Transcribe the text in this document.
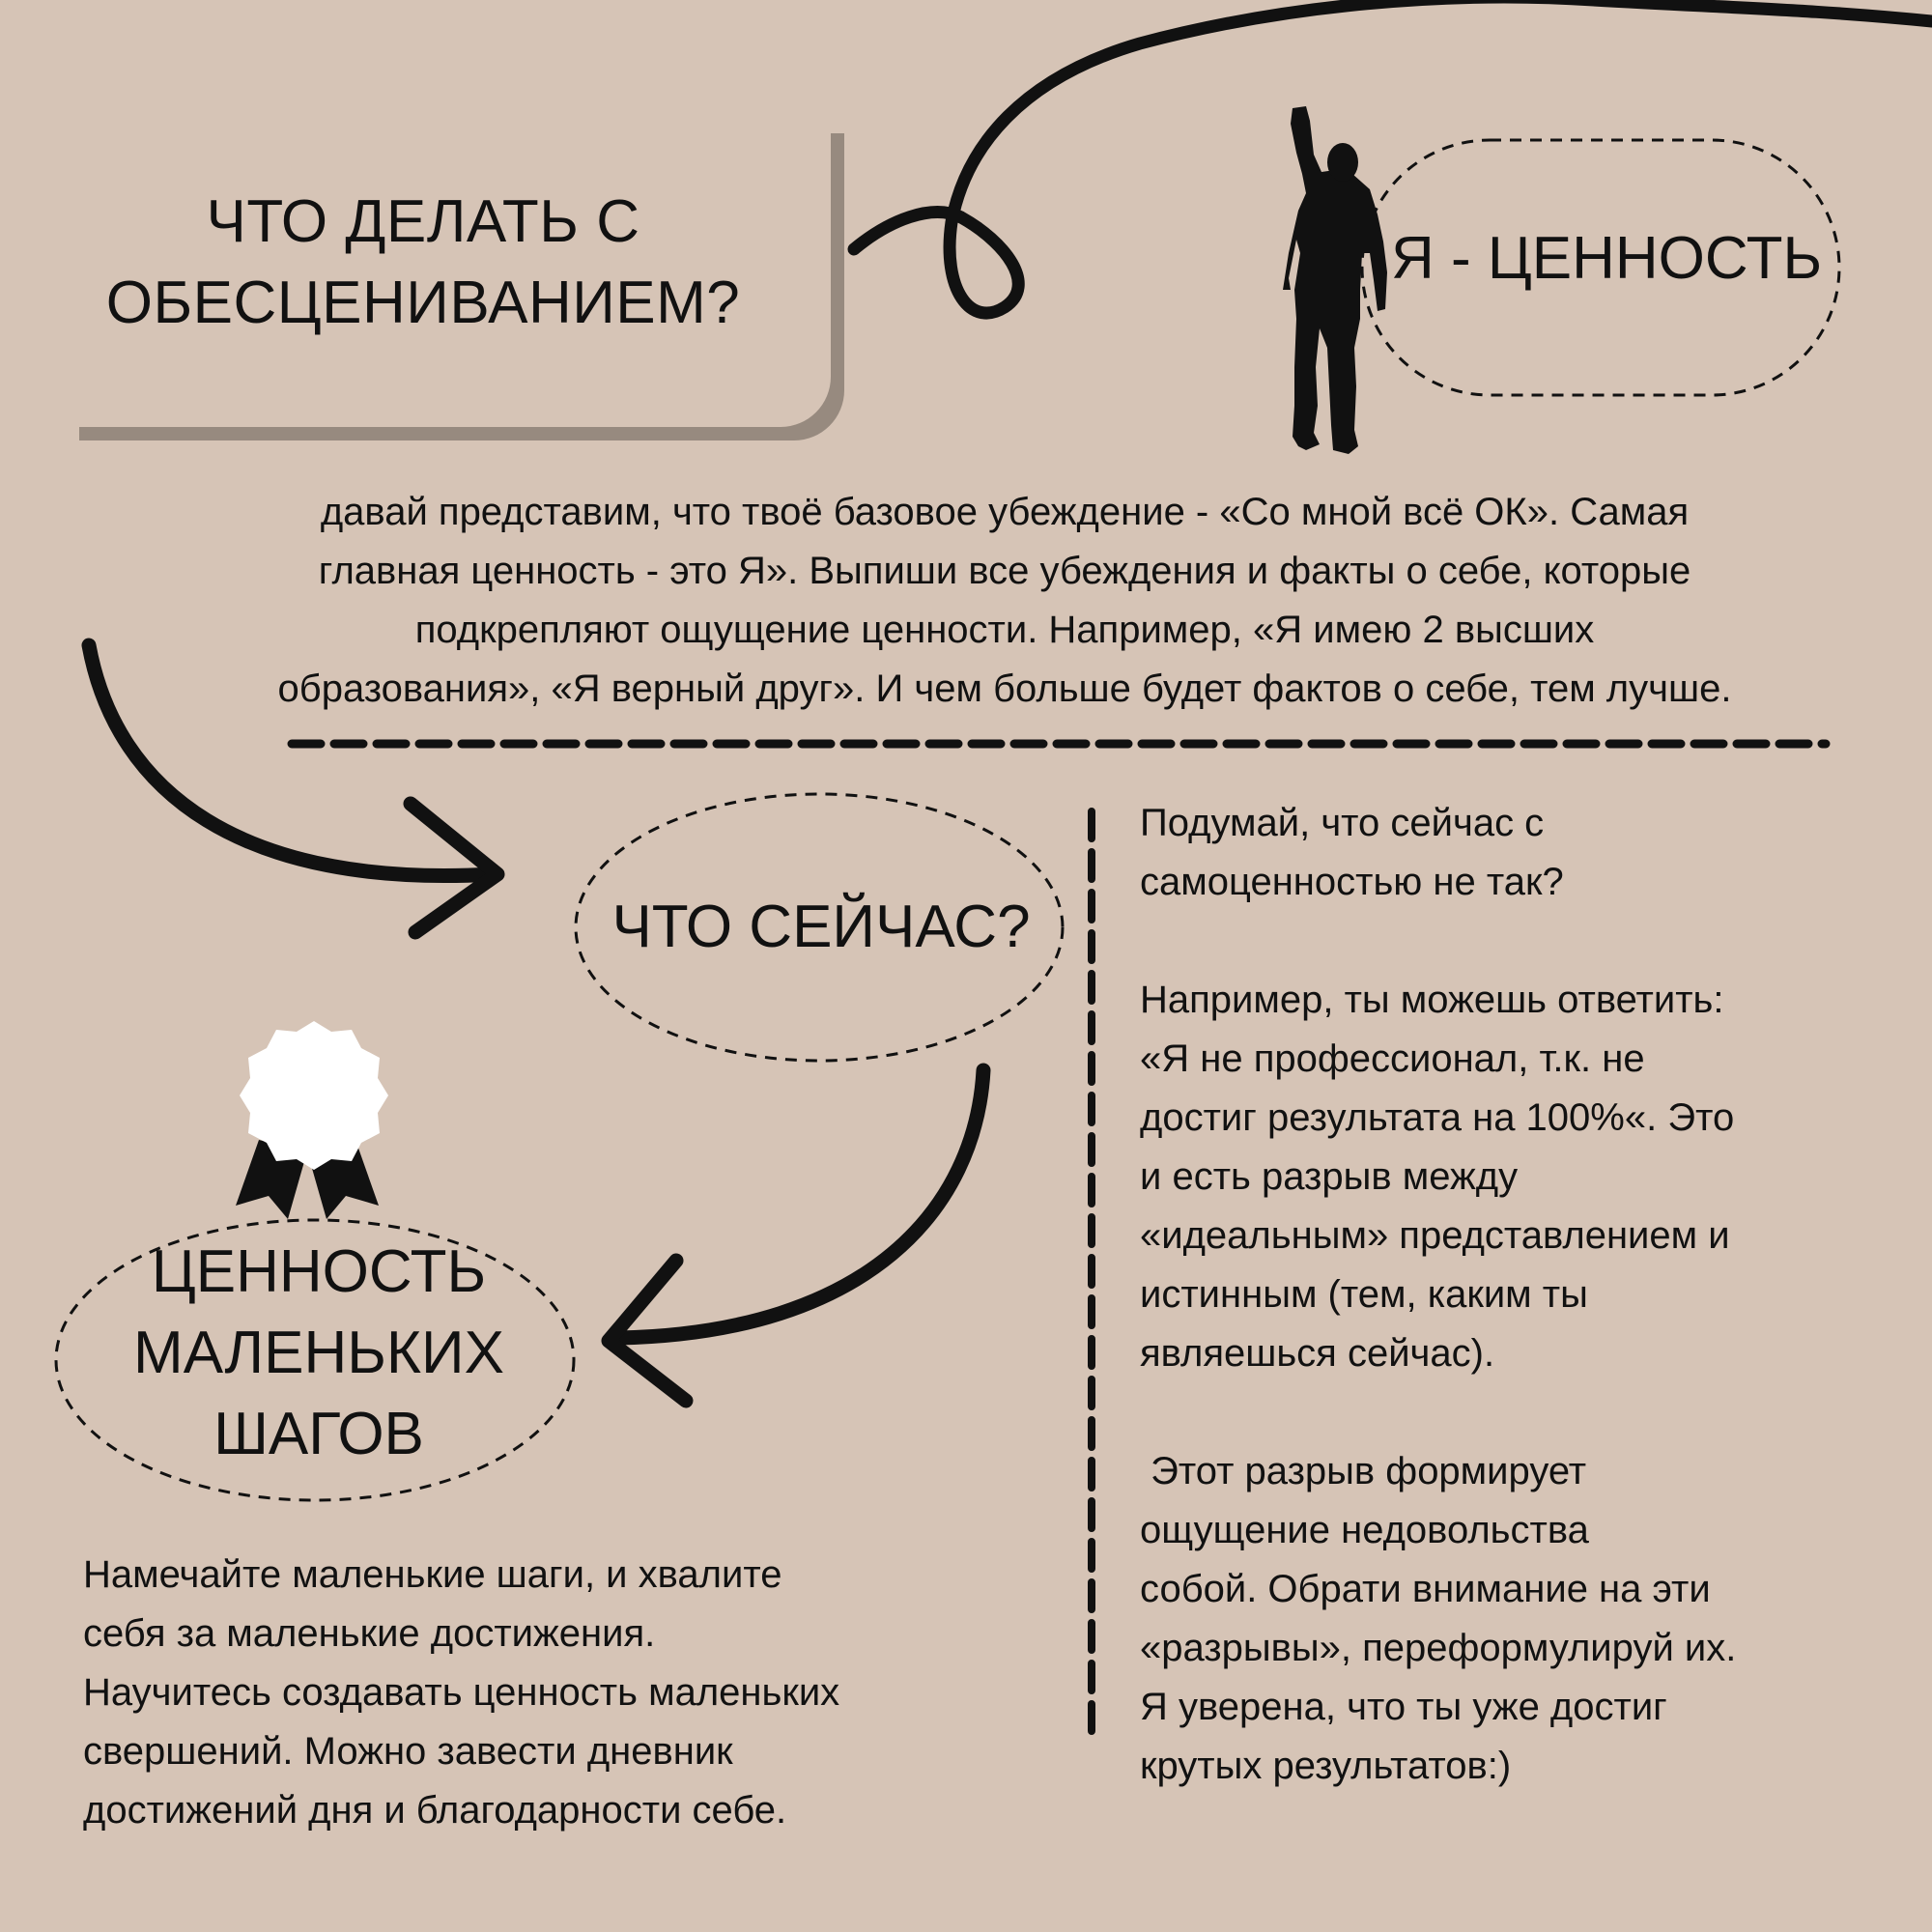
ЧТО ДЕЛАТЬ С
ОБЕСЦЕНИВАНИЕМ?
Я - ЦЕННОСТЬ
давай представим, что твоё базовое убеждение - «Со мной всё ОК». Самая
главная ценность - это Я». Выпиши все убеждения и факты о себе, которые
подкрепляют ощущение ценности. Например, «Я имею 2 высших
образования», «Я верный друг». И чем больше будет фактов о себе, тем лучше.
ЧТО СЕЙЧАС?

Подумай, что сейчас с
самоценностью не так?

Например, ты можешь ответить:
«Я не профессионал, т.к. не
достиг результата на 100%«. Это
и есть разрыв между
«идеальным» представлением и
истинным (тем, каким ты
являешься сейчас).

Этот разрыв формирует
ощущение недовольства
собой. Обрати внимание на эти
«разрывы», переформулируй их.
Я уверена, что ты уже достиг
крутых результатов:)

ЦЕННОСТЬ
МАЛЕНЬКИХ
ШАГОВ
Намечайте маленькие шаги, и хвалите
себя за маленькие достижения.
Научитесь создавать ценность маленьких
свершений. Можно завести дневник
достижений дня и благодарности себе.
